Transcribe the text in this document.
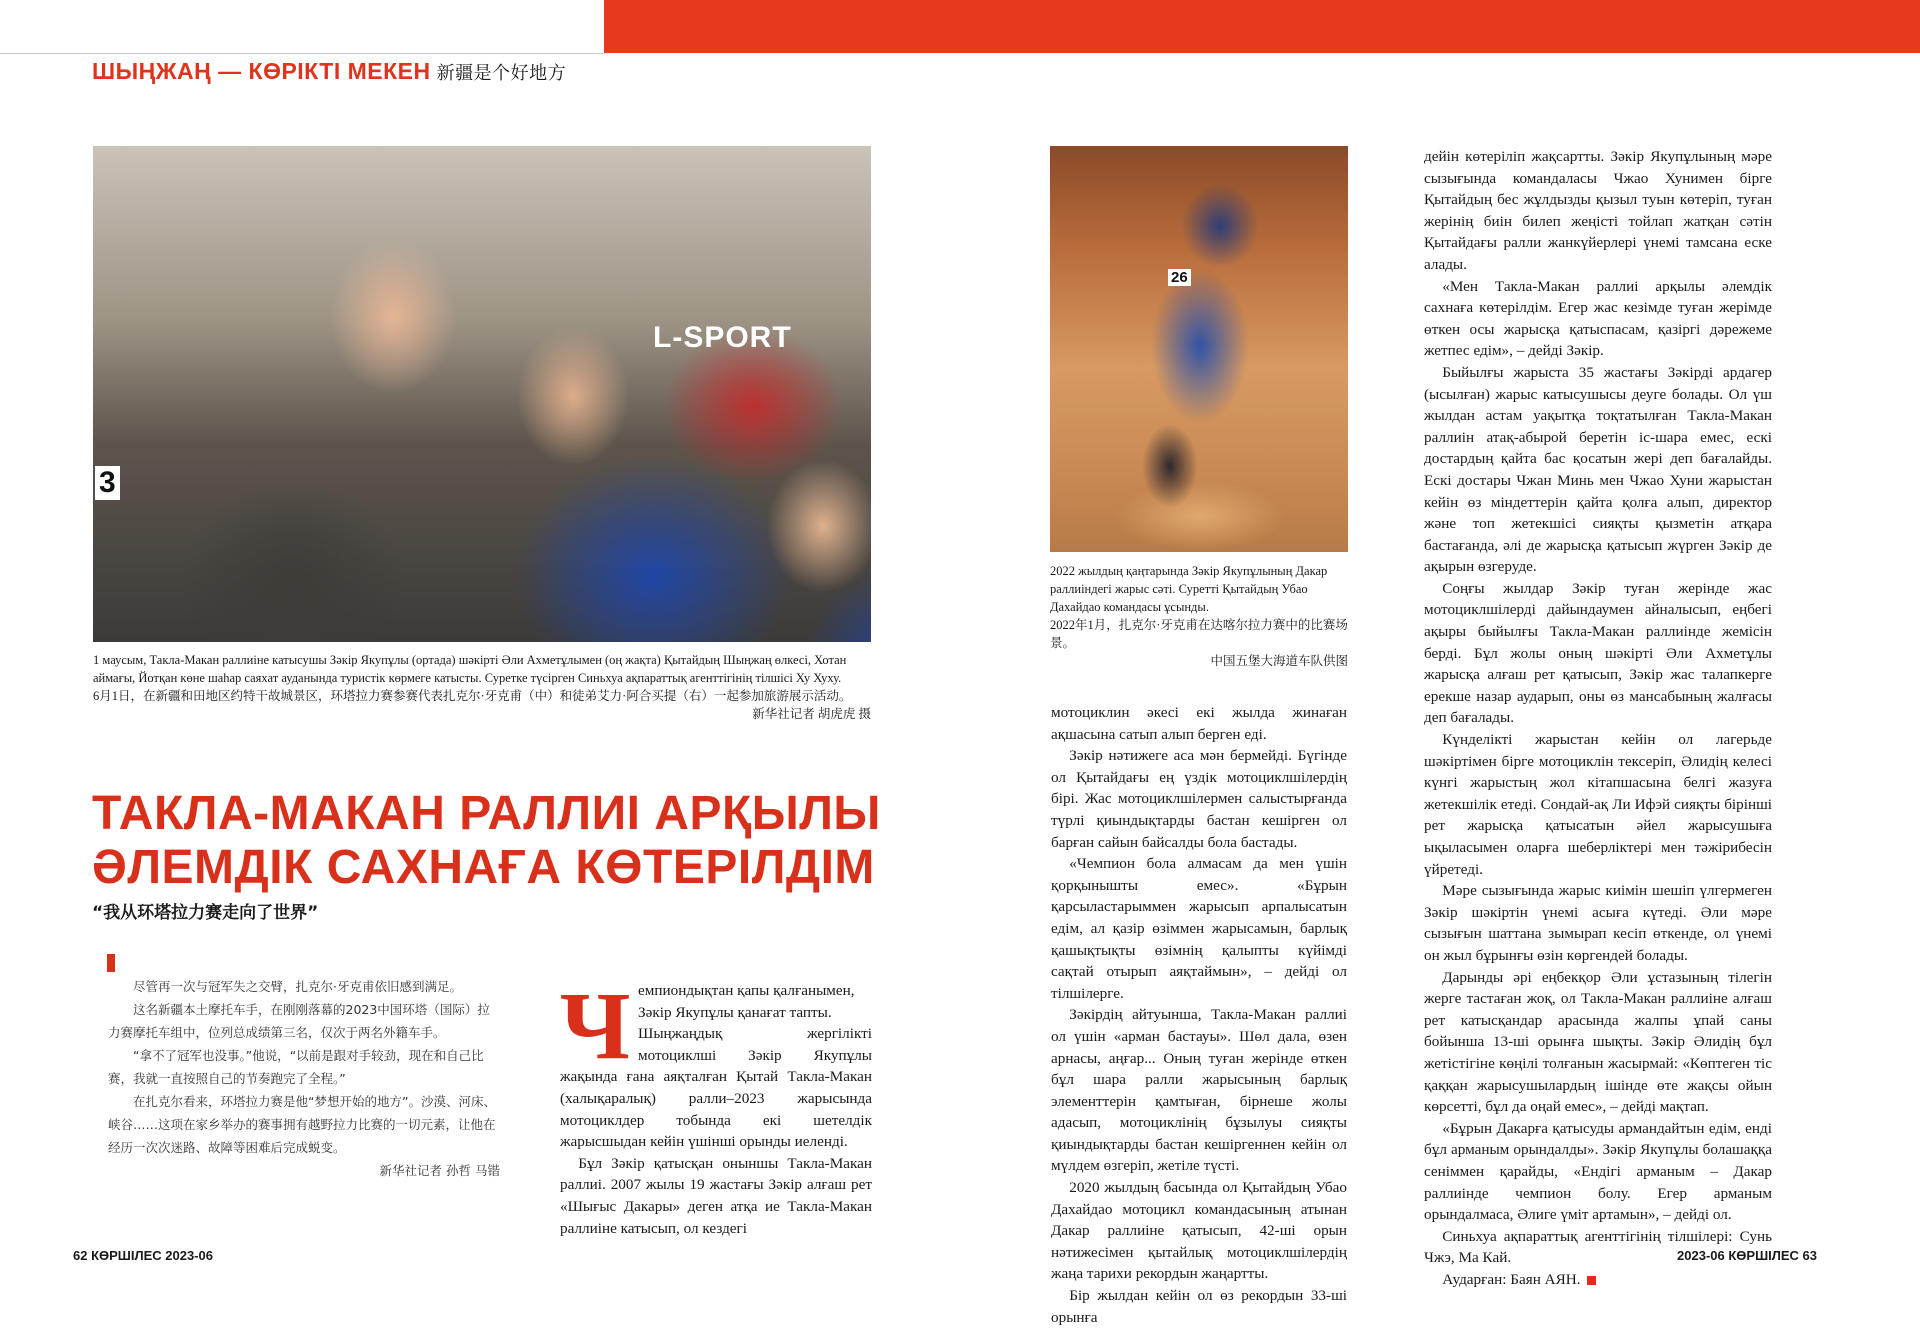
ШЫҢЖАҢ — КӨРІКТІ МЕКЕН 新疆是个好地方
L-SPORT
3

1 маусым, Такла-Макан раллиіне катысушы Зәкір Якупұлы (ортада) шәкірті Әли Ахметұлымен (оң жақта) Қытайдың Шыңжаң өлкесі, Хотан аймағы, Йотқан көне шаһар саяхат ауданында туристік көрмеге катысты. Суретке түсірген Синьхуа ақпараттық агенттігінің тілшісі Ху Хуху.

6月1日，在新疆和田地区约特干故城景区，环塔拉力赛参赛代表扎克尔·牙克甫（中）和徒弟艾力·阿合买提（右）一起参加旅游展示活动。

新华社记者 胡虎虎 摄

26

2022 жылдың қаңтарында Зәкір Якупұлының Дакар раллиіндегі жарыс сәті. Суретті Қытайдың Убао Дахайдао командасы ұсынды.

2022年1月，扎克尔·牙克甫在达喀尔拉力赛中的比赛场景。

中国五堡大海道车队供图

ТАКЛА-МАКАН РАЛЛИІ АРҚЫЛЫ
ӘЛЕМДІК САХНАҒА КӨТЕРІЛДІМ
“我从环塔拉力赛走向了世界”

尽管再一次与冠军失之交臂，扎克尔·牙克甫依旧感到满足。

这名新疆本土摩托车手，在刚刚落幕的2023中国环塔（国际）拉力赛摩托车组中，位列总成绩第三名，仅次于两名外籍车手。

“拿不了冠军也没事。”他说，“以前是跟对手较劲，现在和自己比赛，我就一直按照自己的节奏跑完了全程。”

在扎克尔看来，环塔拉力赛是他“梦想开始的地方”。沙漠、河床、峡谷……这项在家乡举办的赛事拥有越野拉力比赛的一切元素，让他在经历一次次迷路、故障等困难后完成蜕变。

新华社记者 孙哲 马锴

Ч емпиондықтан қапы қалғанымен,

Зәкір Якупұлы қанағат тапты.

Шыңжаңдық жергілікті

мотоциклші Зәкір Якупұлы

жақында ғана аяқталған Қытай Такла-Макан (халықаралық) ралли–2023 жарысында мотоциклдер тобында екі шетелдік жарысшыдан кейін үшінші орынды иеленді.

Бұл Зәкір қатысқан оныншы Такла-Макан раллиі. 2007 жылы 19 жастағы Зәкір алғаш рет «Шығыс Дакары» деген атқа ие Такла-Макан раллиіне катысып, ол кездегі

мотоциклин әкесі екі жылда жинаған ақшасына сатып алып берген еді.

Зәкір нәтижеге аса мән бермейді. Бүгінде ол Қытайдағы ең үздік мотоциклшілердің бірі. Жас мотоциклшілермен салыстырғанда түрлі қиындықтарды бастан кешірген ол барған сайын байсалды бола бастады.

«Чемпион бола алмасам да мен үшін қорқынышты емес». «Бұрын қарсыластарыммен жарысып арпалысатын едім, ал қазір өзіммен жарысамын, барлық қашықтықты өзімнің қалыпты күйімді сақтай отырып аяқтаймын», – дейді ол тілшілерге.

Зәкірдің айтуынша, Такла-Макан раллиі ол үшін «арман бастауы». Шөл дала, өзен арнасы, аңғар... Оның туған жерінде өткен бұл шара ралли жарысының барлық элементтерін қамтыған, бірнеше жолы адасып, мотоциклінің бұзылуы сияқты қиындықтарды бастан кешіргеннен кейін ол мүлдем өзгеріп, жетіле түсті.

2020 жылдың басында ол Қытайдың Убао Дахайдао мотоцикл командасының атынан Дакар раллиіне қатысып, 42-ші орын нәтижесімен қытайлық мотоциклшілердің жаңа тарихи рекордын жаңартты.

Бір жылдан кейін ол өз рекордын 33-ші орынға

дейін көтеріліп жақсартты. Зәкір Якупұлының мәре сызығында командаласы Чжао Хунимен бірге Қытайдың бес жұлдызды қызыл туын көтеріп, туған жерінің биін билеп жеңісті тойлап жатқан сәтін Қытайдағы ралли жанкүйерлері үнемі тамсана еске алады.

«Мен Такла-Макан раллиі арқылы әлемдік сахнаға көтерілдім. Егер жас кезімде туған жерімде өткен осы жарысқа қатыспасам, қазіргі дәрежеме жетпес едім», – дейді Зәкір.

Быйылғы жарыста 35 жастағы Зәкірді ардагер (ысылған) жарыс катысушысы деуге болады. Ол үш жылдан астам уақытқа тоқтатылған Такла-Макан раллиін атақ-абырой беретін іс-шара емес, ескі достардың қайта бас қосатын жері деп бағалайды. Ескі достары Чжан Минь мен Чжао Хуни жарыстан кейін өз міндеттерін қайта қолға алып, директор және топ жетекшісі сияқты қызметін атқара бастағанда, әлі де жарысқа қатысып жүрген Зәкір де ақырын өзгеруде.

Соңғы жылдар Зәкір туған жерінде жас мотоциклшілерді дайындаумен айналысып, еңбегі ақыры быйылғы Такла-Макан раллиінде жемісін берді. Бұл жолы оның шәкірті Әли Ахметұлы жарысқа алғаш рет қатысып, Зәкір жас талапкерге ерекше назар аударып, оны өз мансабының жалғасы деп бағалады.

Күнделікті жарыстан кейін ол лагерьде шәкіртімен бірге мотоциклін тексеріп, Әлидің келесі күнгі жарыстың жол кітапшасына белгі жазуға жетекшілік етеді. Сондай-ақ Ли Ифэй сияқты бірінші рет жарысқа қатысатын әйел жарысушыға ықыласымен оларға шеберліктері мен тәжірибесін үйретеді.

Мәре сызығында жарыс киімін шешіп үлгермеген Зәкір шәкіртін үнемі асыға күтеді. Әли мәре сызығын шаттана зымырап кесіп өткенде, ол үнемі он жыл бұрынғы өзін көргендей болады.

Дарынды әрі еңбекқор Әли ұстазының тілегін жерге тастаған жоқ, ол Такла-Макан раллиіне алғаш рет катысқандар арасында жалпы ұпай саны бойынша 13-ші орынға шықты. Зәкір Әлидің бұл жетістігіне көңілі толғанын жасырмай: «Көптеген тіс қаққан жарысушылардың ішінде өте жақсы ойын көрсетті, бұл да оңай емес», – дейді мақтап.

«Бұрын Дакарға қатысуды армандайтын едім, енді бұл арманым орындалды». Зәкір Якупұлы болашаққа сеніммен қарайды, «Ендігі арманым – Дакар раллиінде чемпион болу. Егер арманым орындалмаса, Әлиге үміт артамын», – дейді ол.

Синьхуа ақпараттық агенттігінің тілшілері: Сунь Чжэ, Ма Кай.

Аударған: Баян АЯН.

62 КӨРШІЛЕС 2023-06	2023-06 КӨРШІЛЕС 63
